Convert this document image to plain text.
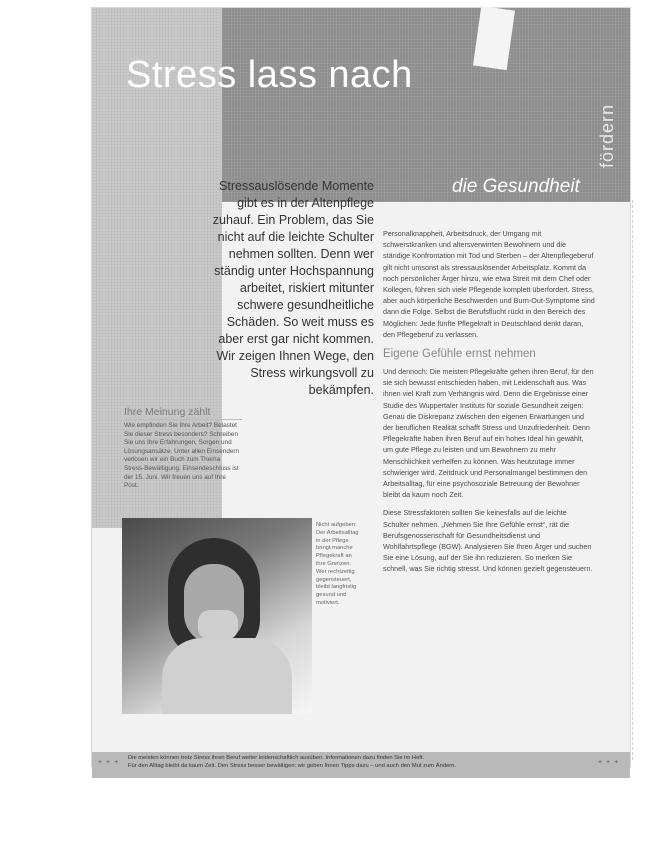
Stress lass nach
fördern
die Gesundheit
Stressauslösende Momente gibt es in der Altenpflege zuhauf. Ein Problem, das Sie nicht auf die leichte Schulter nehmen sollten. Denn wer ständig unter Hochspannung arbeitet, riskiert mitunter schwere gesundheitliche Schäden. So weit muss es aber erst gar nicht kommen. Wir zeigen Ihnen Wege, den Stress wirkungsvoll zu bekämpfen.

Personalknappheit, Arbeitsdruck, der Umgang mit schwerstkranken und altersverwirrten Bewohnern und die ständige Konfrontation mit Tod und Sterben – der Altenpflegeberuf gilt nicht umsonst als stressauslösender Arbeitsplatz. Kommt da noch persönlicher Ärger hinzu, wie etwa Streit mit dem Chef oder Kollegen, führen sich viele Pflegende komplett überfordert. Stress, aber auch körperliche Beschwerden und Burn-Out-Symptome sind dann die Folge. Selbst die Berufsflucht rückt in den Bereich des Möglichen: Jede fünfte Pflegekraft in Deutschland denkt daran, den Pflegeberuf zu verlassen.

Eigene Gefühle ernst nehmen

Und dennoch: Die meisten Pflegekräfte gehen ihren Beruf, für den sie sich bewusst entschieden haben, mit Leidenschaft aus. Was ihnen viel Kraft zum Verhängnis wird. Denn die Ergebnisse einer Studie des Wuppertaler Instituts für soziale Gesundheit zeigen: Genau die Diskrepanz zwischen den eigenen Erwartungen und der beruflichen Realität schafft Stress und Unzufriedenheit. Denn Pflegekräfte haben ihren Beruf auf ein hohes Ideal hin gewählt, um gute Pflege zu leisten und um Bewohnern zu mehr Menschlichkeit verhelfen zu können. Was heutzutage immer schwieriger wird. Zeitdruck und Personalmangel bestimmen den Arbeitsalltag, für eine psychosoziale Betreuung der Bewohner bleibt da kaum noch Zeit.

Diese Stressfaktoren sollten Sie keinesfalls auf die leichte Schulter nehmen. „Nehmen Sie Ihre Gefühle ernst“, rät die Berufsgenossenschaft für Gesundheitsdienst und Wohlfahrtspflege (BGW). Analysieren Sie Ihren Ärger und suchen Sie eine Lösung, auf der Sie ihn reduzieren. So merken Sie schnell, was Sie richtig stresst. Und können gezielt gegensteuern.

Ihre Meinung zählt
Wie empfinden Sie Ihre Arbeit? Belastet Sie dieser Stress besonders? Schreiben Sie uns Ihre Erfahrungen, Sorgen und Lösungsansätze. Unter allen Einsendern verlosen wir ein Buch zum Thema Stress-Bewältigung. Einsendeschluss ist der 15. Juni. Wir freuen uns auf Ihre Post.
Nicht aufgeben: Der Arbeitsalltag in der Pflege bringt manche Pflegekraft an ihre Grenzen. Wer rechtzeitig gegensteuert, bleibt langfristig gesund und motiviert.
+ + +
Die meisten können trotz Stress ihren Beruf weiter leidenschaftlich ausüben. Informationen dazu finden Sie im Heft.
Für den Alltag bleibt da kaum Zeit. Den Stress besser bewältigen: wir geben Ihnen Tipps dazu – und auch den Mut zum Ändern.	+ + +
